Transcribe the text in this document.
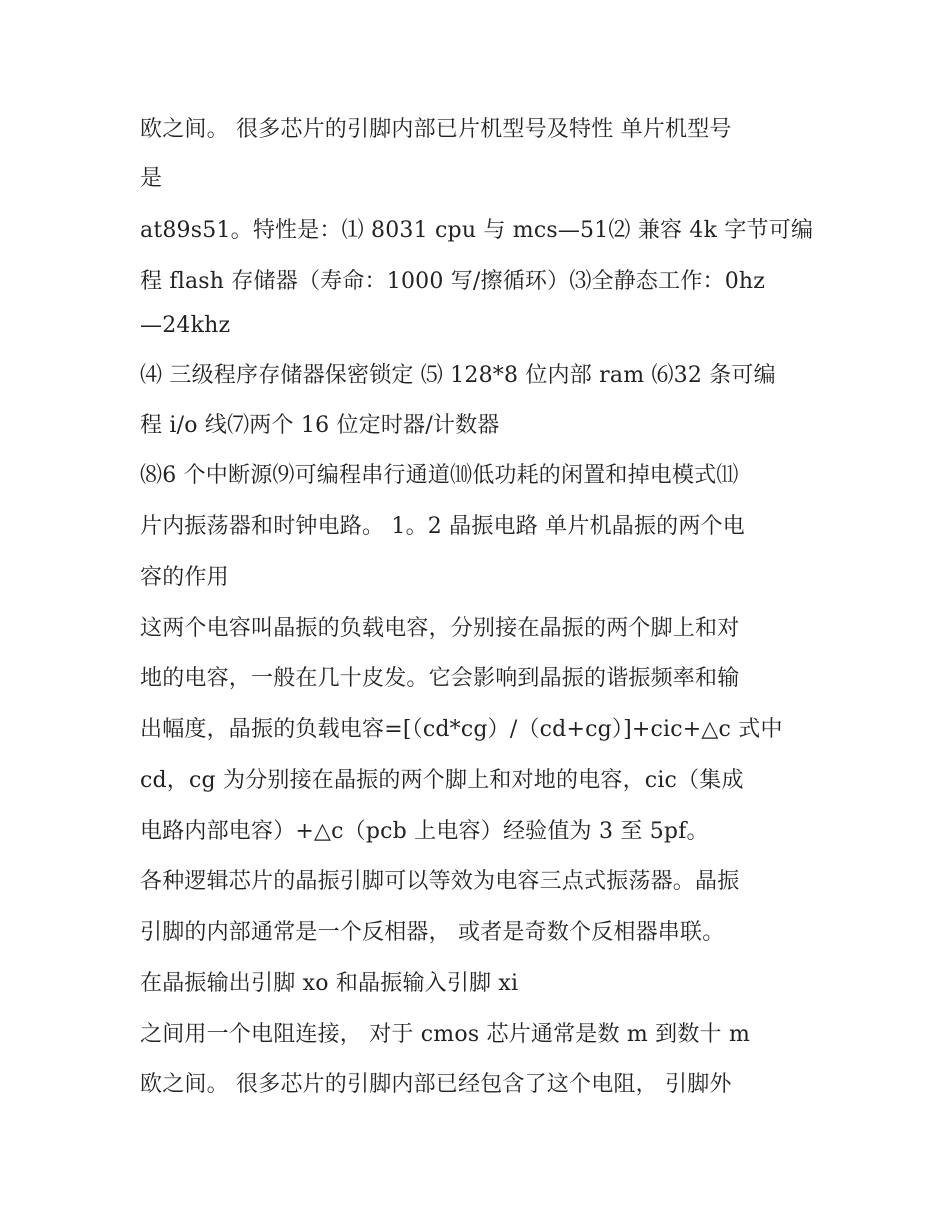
欧之间。 很多芯片的引脚内部已片机型号及特性 单片机型号
是
at89s51。特性是：⑴ 8031 cpu 与 mcs—51⑵ 兼容 4k 字节可编
程 flash 存储器（寿命：1000 写/擦循环）⑶全静态工作：0hz
—24khz
⑷ 三级程序存储器保密锁定 ⑸ 128*8 位内部 ram ⑹32 条可编
程 i/o 线⑺两个 16 位定时器/计数器
⑻6 个中断源⑼可编程串行通道⑽低功耗的闲置和掉电模式⑾
片内振荡器和时钟电路。 1。2 晶振电路 单片机晶振的两个电
容的作用
这两个电容叫晶振的负载电容，分别接在晶振的两个脚上和对
地的电容，一般在几十皮发。它会影响到晶振的谐振频率和输
出幅度，晶振的负载电容=[（cd*cg）/（cd+cg）]+cic+△c 式中
cd，cg 为分别接在晶振的两个脚上和对地的电容，cic（集成
电路内部电容）+△c（pcb 上电容）经验值为 3 至 5pf。
各种逻辑芯片的晶振引脚可以等效为电容三点式振荡器。晶振
引脚的内部通常是一个反相器， 或者是奇数个反相器串联。
在晶振输出引脚 xo 和晶振输入引脚 xi
之间用一个电阻连接， 对于 cmos 芯片通常是数 m 到数十 m
欧之间。 很多芯片的引脚内部已经包含了这个电阻， 引脚外
